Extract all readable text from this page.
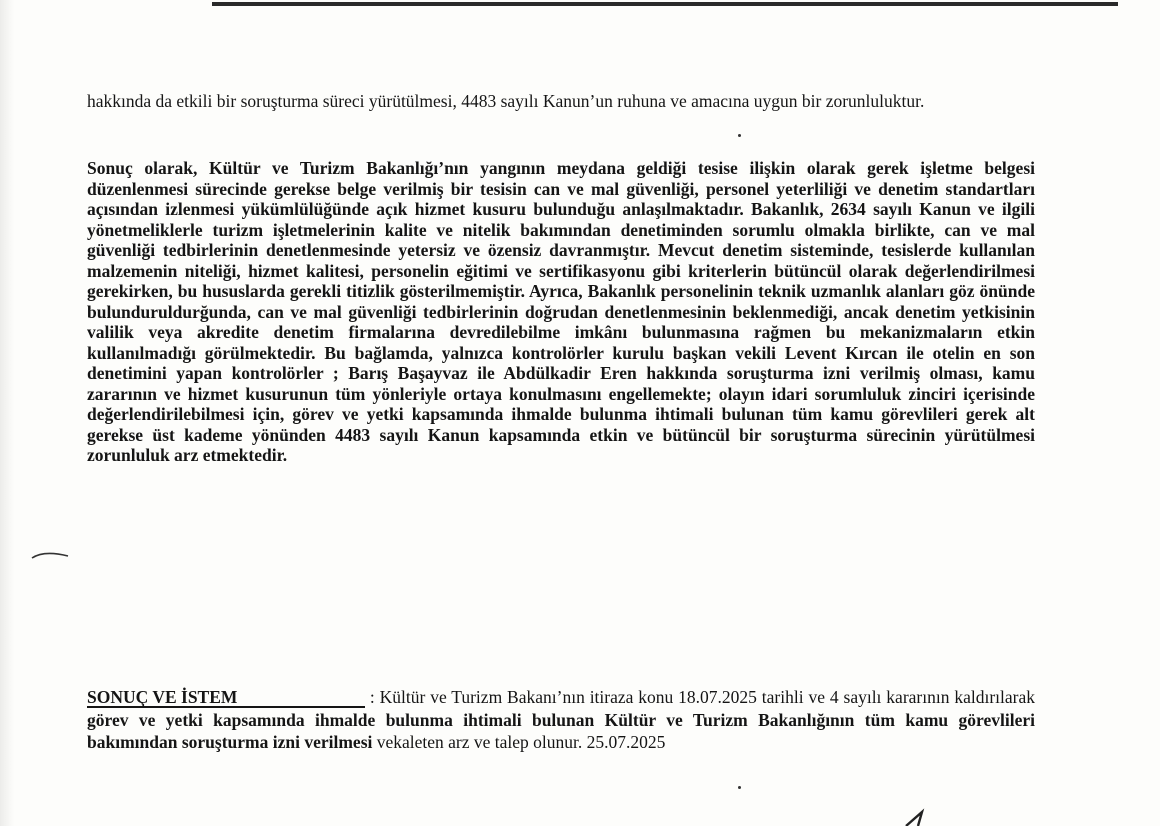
hakkında da etkili bir soruşturma süreci yürütülmesi, 4483 sayılı Kanun’un ruhuna ve amacına uygun bir zorunluluktur.

Sonuç olarak, Kültür ve Turizm Bakanlığı’nın yangının meydana geldiği tesise ilişkin olarak gerek işletme belgesi düzenlenmesi sürecinde gerekse belge verilmiş bir tesisin can ve mal güvenliği, personel yeterliliği ve denetim standartları açısından izlenmesi yükümlülüğünde açık hizmet kusuru bulunduğu anlaşılmaktadır. Bakanlık, 2634 sayılı Kanun ve ilgili yönetmeliklerle turizm işletmelerinin kalite ve nitelik bakımından denetiminden sorumlu olmakla birlikte, can ve mal güvenliği tedbirlerinin denetlenmesinde yetersiz ve özensiz davranmıştır. Mevcut denetim sisteminde, tesislerde kullanılan malzemenin niteliği, hizmet kalitesi, personelin eğitimi ve sertifikasyonu gibi kriterlerin bütüncül olarak değerlendirilmesi gerekirken, bu hususlarda gerekli titizlik gösterilmemiştir. Ayrıca, Bakanlık personelinin teknik uzmanlık alanları göz önünde bulunduruldurğunda, can ve mal güvenliği tedbirlerinin doğrudan denetlenmesinin beklenmediği, ancak denetim yetkisinin valilik veya akredite denetim firmalarına devredilebilme imkânı bulunmasına rağmen bu mekanizmaların etkin kullanılmadığı görülmektedir. Bu bağlamda, yalnızca kontrolörler kurulu başkan vekili Levent Kırcan ile otelin en son denetimini yapan kontrolörler ; Barış Başayvaz ile Abdülkadir Eren hakkında soruşturma izni verilmiş olması, kamu zararının ve hizmet kusurunun tüm yönleriyle ortaya konulmasını engellemekte; olayın idari sorumluluk zinciri içerisinde değerlendirilebilmesi için, görev ve yetki kapsamında ihmalde bulunma ihtimali bulunan tüm kamu görevlileri gerek alt gerekse üst kademe yönünden 4483 sayılı Kanun kapsamında etkin ve bütüncül bir soruşturma sürecinin yürütülmesi zorunluluk arz etmektedir.

SONUÇ VE İSTEM	: Kültür ve Turizm Bakanı’nın itiraza konu 18.07.2025 tarihli ve 4 sayılı kararının kaldırılarak görev ve yetki kapsamında ihmalde bulunma ihtimali bulunan Kültür ve Turizm Bakanlığının tüm kamu görevlileri bakımından soruşturma izni verilmesi vekaleten arz ve talep olunur. 25.07.2025
